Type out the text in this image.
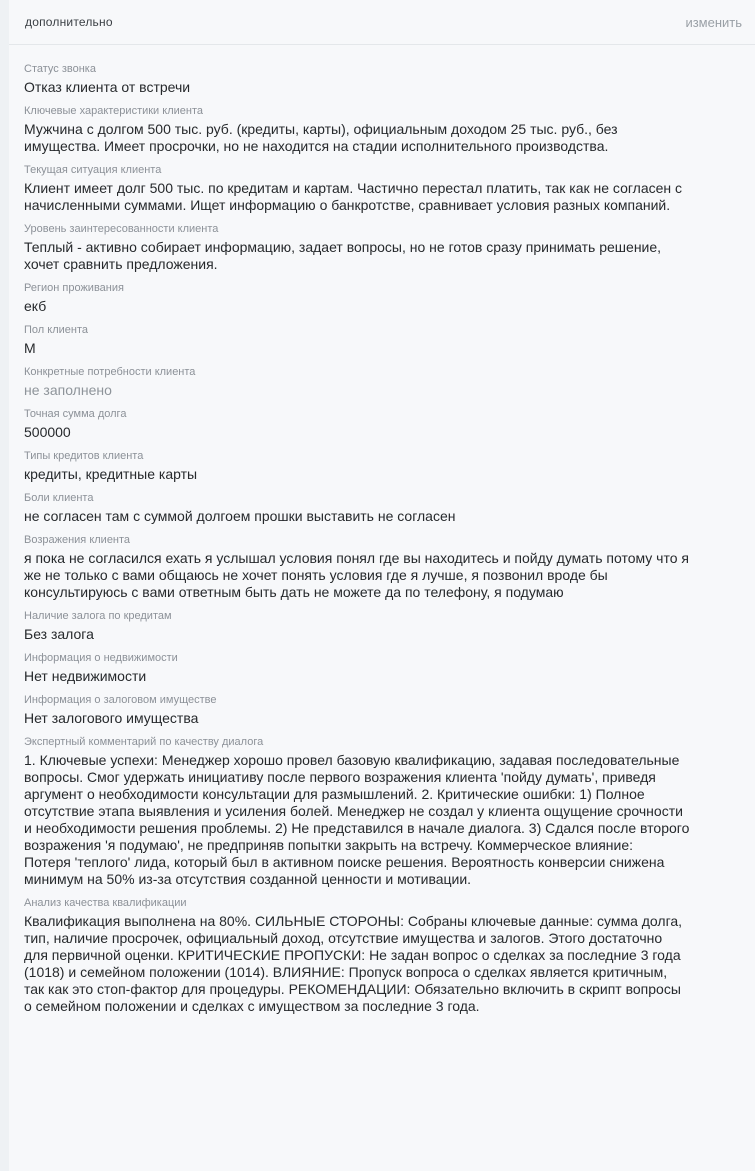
дополнительно	изменить
Статус звонка
Отказ клиента от встречи
Ключевые характеристики клиента
Мужчина с долгом 500 тыс. руб. (кредиты, карты), официальным доходом 25 тыс. руб., без
имущества. Имеет просрочки, но не находится на стадии исполнительного производства.
Текущая ситуация клиента
Клиент имеет долг 500 тыс. по кредитам и картам. Частично перестал платить, так как не согласен с
начисленными суммами. Ищет информацию о банкротстве, сравнивает условия разных компаний.
Уровень заинтересованности клиента
Теплый - активно собирает информацию, задает вопросы, но не готов сразу принимать решение,
хочет сравнить предложения.
Регион проживания
екб
Пол клиента
М
Конкретные потребности клиента
не заполнено
Точная сумма долга
500000
Типы кредитов клиента
кредиты, кредитные карты
Боли клиента
не согласен там с суммой долгоем прошки выставить не согласен
Возражения клиента
я пока не согласился ехать я услышал условия понял где вы находитесь и пойду думать потому что я
же не только с вами общаюсь не хочет понять условия где я лучше, я позвонил вроде бы
консультируюсь с вами ответным быть дать не можете да по телефону, я подумаю
Наличие залога по кредитам
Без залога
Информация о недвижимости
Нет недвижимости
Информация о залоговом имуществе
Нет залогового имущества
Экспертный комментарий по качеству диалога
1. Ключевые успехи: Менеджер хорошо провел базовую квалификацию, задавая последовательные
вопросы. Смог удержать инициативу после первого возражения клиента 'пойду думать', приведя
аргумент о необходимости консультации для размышлений. 2. Критические ошибки: 1) Полное
отсутствие этапа выявления и усиления болей. Менеджер не создал у клиента ощущение срочности
и необходимости решения проблемы. 2) Не представился в начале диалога. 3) Сдался после второго
возражения 'я подумаю', не предприняв попытки закрыть на встречу. Коммерческое влияние:
Потеря 'теплого' лида, который был в активном поиске решения. Вероятность конверсии снижена
минимум на 50% из-за отсутствия созданной ценности и мотивации.
Анализ качества квалификации
Квалификация выполнена на 80%. СИЛЬНЫЕ СТОРОНЫ: Собраны ключевые данные: сумма долга,
тип, наличие просрочек, официальный доход, отсутствие имущества и залогов. Этого достаточно
для первичной оценки. КРИТИЧЕСКИЕ ПРОПУСКИ: Не задан вопрос о сделках за последние 3 года
(1018) и семейном положении (1014). ВЛИЯНИЕ: Пропуск вопроса о сделках является критичным,
так как это стоп-фактор для процедуры. РЕКОМЕНДАЦИИ: Обязательно включить в скрипт вопросы
о семейном положении и сделках с имуществом за последние 3 года.
